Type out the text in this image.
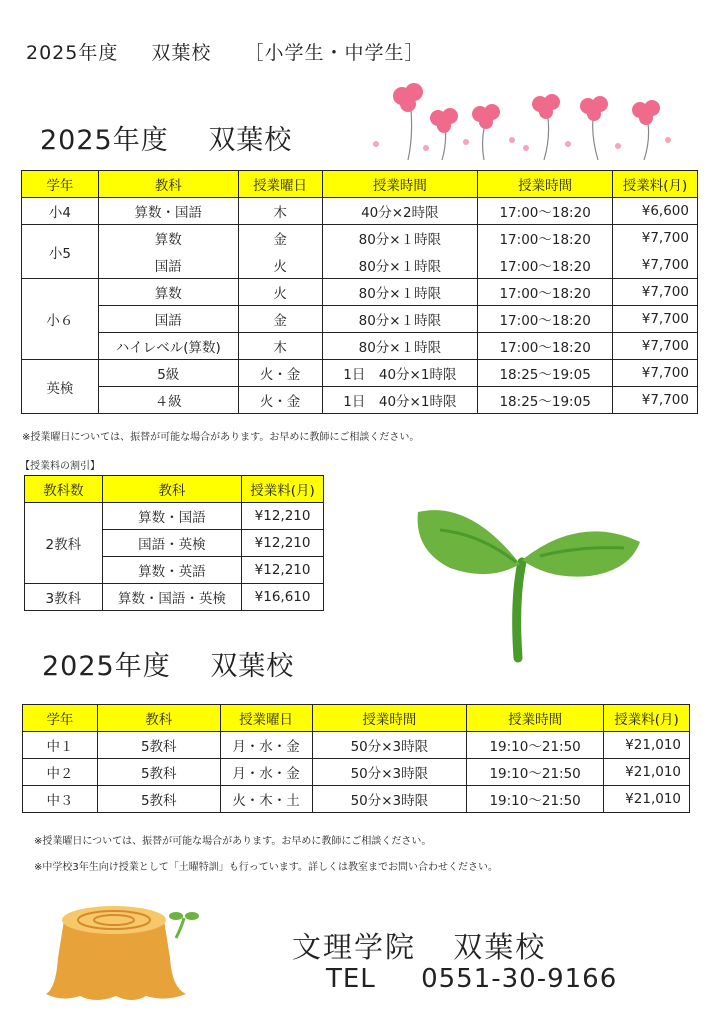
2025年度 双葉校 ［小学生・中学生］
2025年度 双葉校
学年	教科	授業曜日	授業時間	授業時間	授業料(月)
小4	算数・国語	木	40分×2時限	17:00～18:20	¥6,600
小5	算数	金	80分×１時限	17:00～18:20	¥7,700
	国語	火	80分×１時限	17:00～18:20	¥7,700
小６	算数	火	80分×１時限	17:00～18:20	¥7,700
	国語	金	80分×１時限	17:00～18:20	¥7,700
	ハイレベル(算数)	木	80分×１時限	17:00～18:20	¥7,700
英検	5級	火・金	1日　40分×1時限	18:25～19:05	¥7,700
	４級	火・金	1日　40分×1時限	18:25～19:05	¥7,700
※授業曜日については、振替が可能な場合があります。お早めに教師にご相談ください。
【授業料の割引】
教科数	教科	授業料(月)
2教科	算数・国語	¥12,210
	国語・英検	¥12,210
	算数・英語	¥12,210
3教科	算数・国語・英検	¥16,610
2025年度 双葉校
学年	教科	授業曜日	授業時間	授業時間	授業料(月)
中１	5教科	月・水・金	50分×3時限	19:10～21:50	¥21,010
中２	5教科	月・水・金	50分×3時限	19:10～21:50	¥21,010
中３	5教科	火・木・土	50分×3時限	19:10～21:50	¥21,010
※授業曜日については、振替が可能な場合があります。お早めに教師にご相談ください。
※中学校3年生向け授業として「土曜特訓」も行っています。詳しくは教室までお問い合わせください。
文理学院 双葉校
TEL 0551-30-9166
